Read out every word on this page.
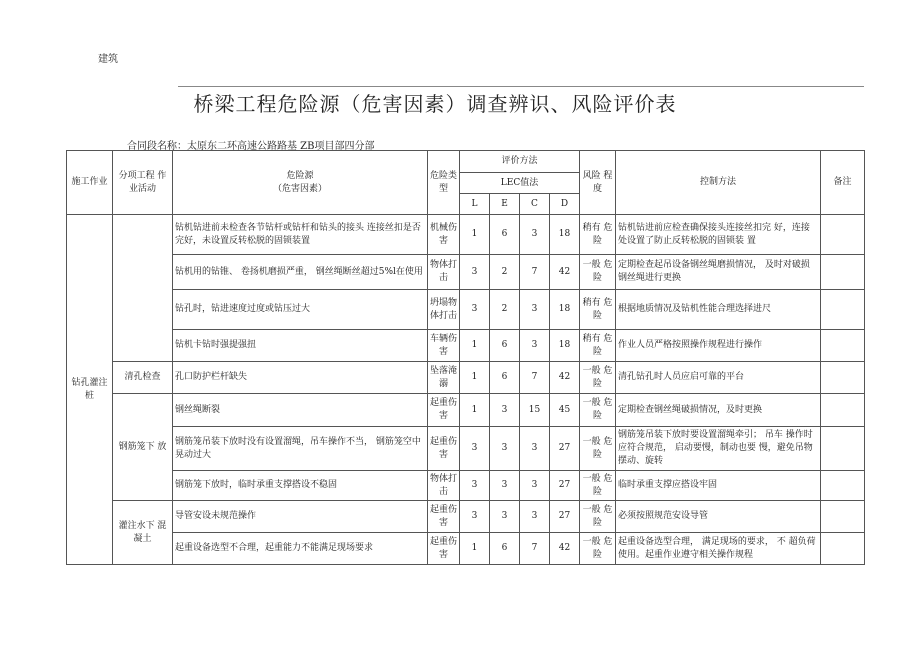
建筑
桥梁工程危险源（危害因素）调查辨识、风险评价表
合同段名称：太原东二环高速公路路基 ZB项目部四分部
施工作业	分项工程 作业活动	危险源
（危害因素）	危险类型	评价方法				风险 程度	控制方法	备注
				LEC值法						
				L	E	C	D			
钻孔灌注桩		钻机钻进前未检查各节钻杆或钻杆和钻头的接头 连接丝扣是否完好，未设置反转松脱的固锁装置	机械伤害	1	6	3	18	稍有 危险	钻机钻进前应检查确保接头连接丝扣完 好，连接处设置了防止反转松脱的固锁装 置	
		钻机用的钻锥、 卷扬机磨损严重， 钢丝绳断丝超过5%l在使用	物体打击	3	2	7	42	一般 危险	定期检查起吊设备钢丝绳磨损情况， 及时对破损钢丝绳进行更换	
		钻孔时，钻进速度过度或钻压过大	坍塌物体打击	3	2	3	18	稍有 危险	根据地质情况及钻机性能合理选择进尺	
		钻机卡钻时强提强扭	车辆伤害	1	6	3	18	稍有 危险	作业人员严格按照操作规程进行操作	
	清孔检查	孔口防护栏杆缺失	坠落淹溺	1	6	7	42	一般 危险	清孔钻孔时人员应启可靠的平台	
	钢筋笼下 放	钢丝绳断裂	起重伤害	1	3	15	45	一般 危险	定期检查钢丝绳破损情况，及时更换	
		钢筋笼吊装下放时没有设置溜绳，吊车操作不当， 钢筋笼空中晃动过大	起重伤害	3	3	3	27	一般 危险	钢筋笼吊装下放时要设置溜绳牵引； 吊车 操作时应符合规范， 启动要慢，制动也要 慢，避免吊物摆动、旋转	
		钢筋笼下放时，临时承重支撑搭设不稳固	物体打击	3	3	3	27	一般 危险	临时承重支撑应搭设牢固	
	灌注水下 混凝土	导管安设未规范操作	起重伤害	3	3	3	27	一般 危险	必须按照规范安设导管	
		起重设备选型不合理，起重能力不能满足现场要求	起重伤害	1	6	7	42	一般 危险	起重设备选型合理， 满足现场的要求， 不 超负荷使用。起重作业遵守相关操作规程	
